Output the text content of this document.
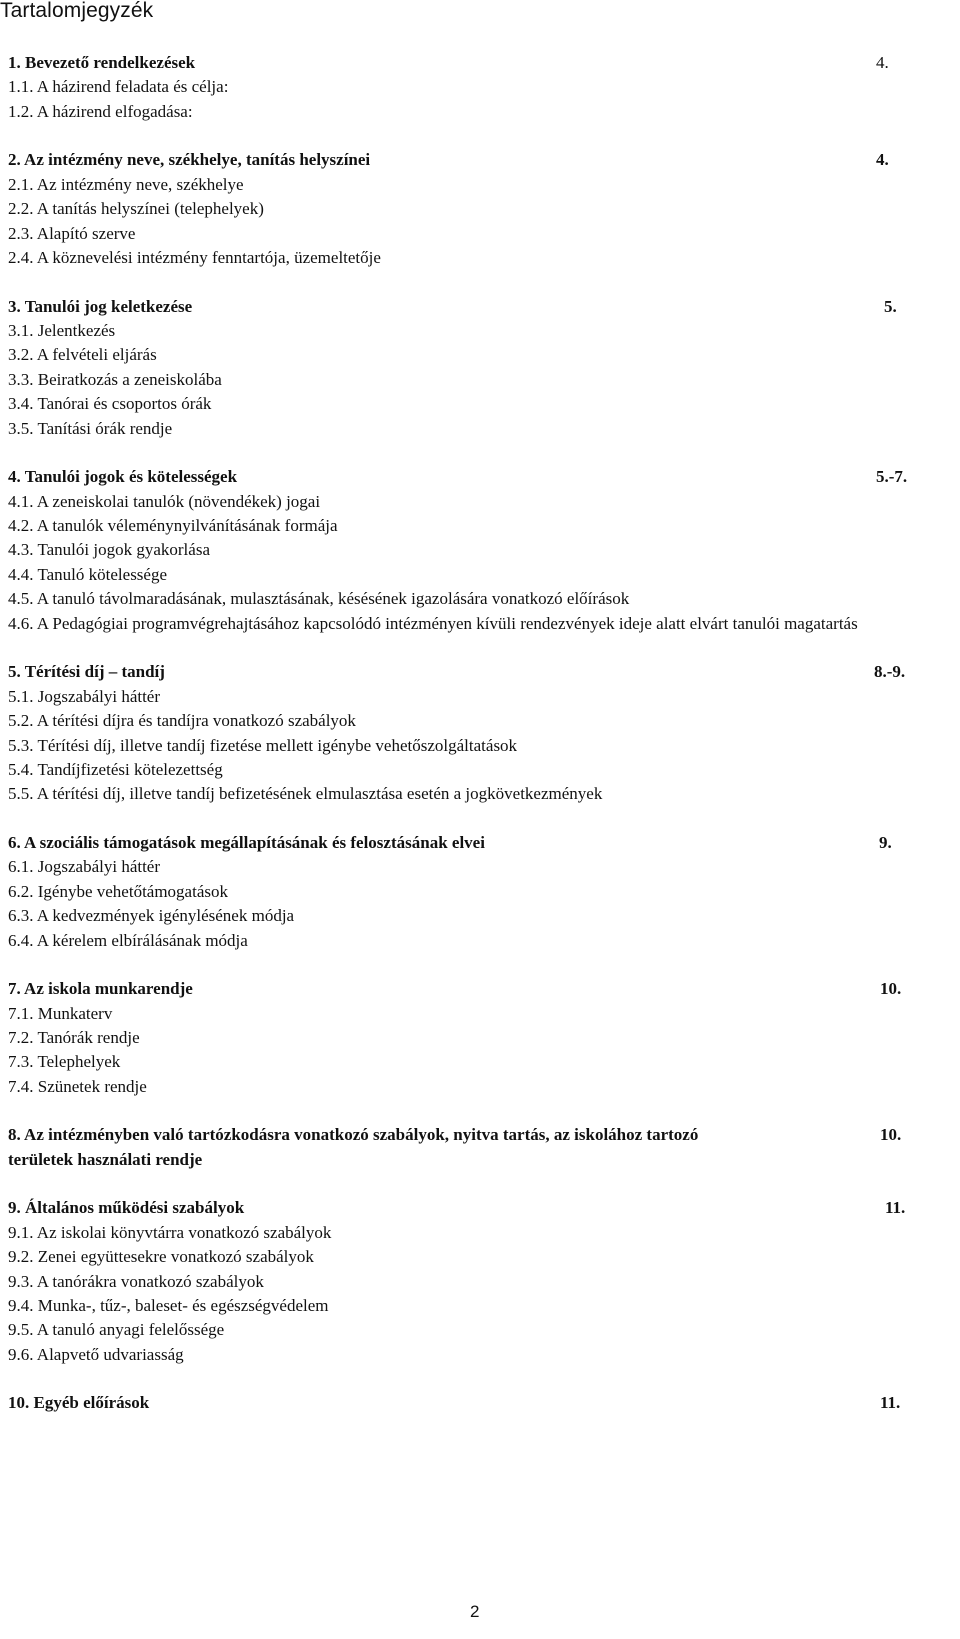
Tartalomjegyzék
1. Bevezető rendelkezések	4.
1.1. A házirend feladata és célja:
1.2. A házirend elfogadása:
2. Az intézmény neve, székhelye, tanítás helyszínei	4.
2.1. Az intézmény neve, székhelye
2.2. A tanítás helyszínei (telephelyek)
2.3. Alapító szerve
2.4. A köznevelési intézmény fenntartója, üzemeltetője
3. Tanulói jog keletkezése	5.
3.1. Jelentkezés
3.2. A felvételi eljárás
3.3. Beiratkozás a zeneiskolába
3.4. Tanórai és csoportos órák
3.5. Tanítási órák rendje
4. Tanulói jogok és kötelességek	5.-7.
4.1. A zeneiskolai tanulók (növendékek) jogai
4.2. A tanulók véleménynyilvánításának formája
4.3. Tanulói jogok gyakorlása
4.4. Tanuló kötelessége
4.5. A tanuló távolmaradásának, mulasztásának, késésének igazolására vonatkozó előírások
4.6. A Pedagógiai programvégrehajtásához kapcsolódó intézményen kívüli rendezvények ideje alatt elvárt tanulói magatartás
5. Térítési díj – tandíj	8.-9.
5.1. Jogszabályi háttér
5.2. A térítési díjra és tandíjra vonatkozó szabályok
5.3. Térítési díj, illetve tandíj fizetése mellett igénybe vehetőszolgáltatások
5.4. Tandíjfizetési kötelezettség
5.5. A térítési díj, illetve tandíj befizetésének elmulasztása esetén a jogkövetkezmények
6. A szociális támogatások megállapításának és felosztásának elvei	9.
6.1. Jogszabályi háttér
6.2. Igénybe vehetőtámogatások
6.3. A kedvezmények igénylésének módja
6.4. A kérelem elbírálásának módja
7. Az iskola munkarendje	10.
7.1. Munkaterv
7.2. Tanórák rendje
7.3. Telephelyek
7.4. Szünetek rendje
8. Az intézményben való tartózkodásra vonatkozó szabályok, nyitva tartás, az iskolához tartozó	10.
területek használati rendje
9. Általános működési szabályok	11.
9.1. Az iskolai könyvtárra vonatkozó szabályok
9.2. Zenei együttesekre vonatkozó szabályok
9.3. A tanórákra vonatkozó szabályok
9.4. Munka-, tűz-, baleset- és egészségvédelem
9.5. A tanuló anyagi felelőssége
9.6. Alapvető udvariasság
10. Egyéb előírások	11.
2
